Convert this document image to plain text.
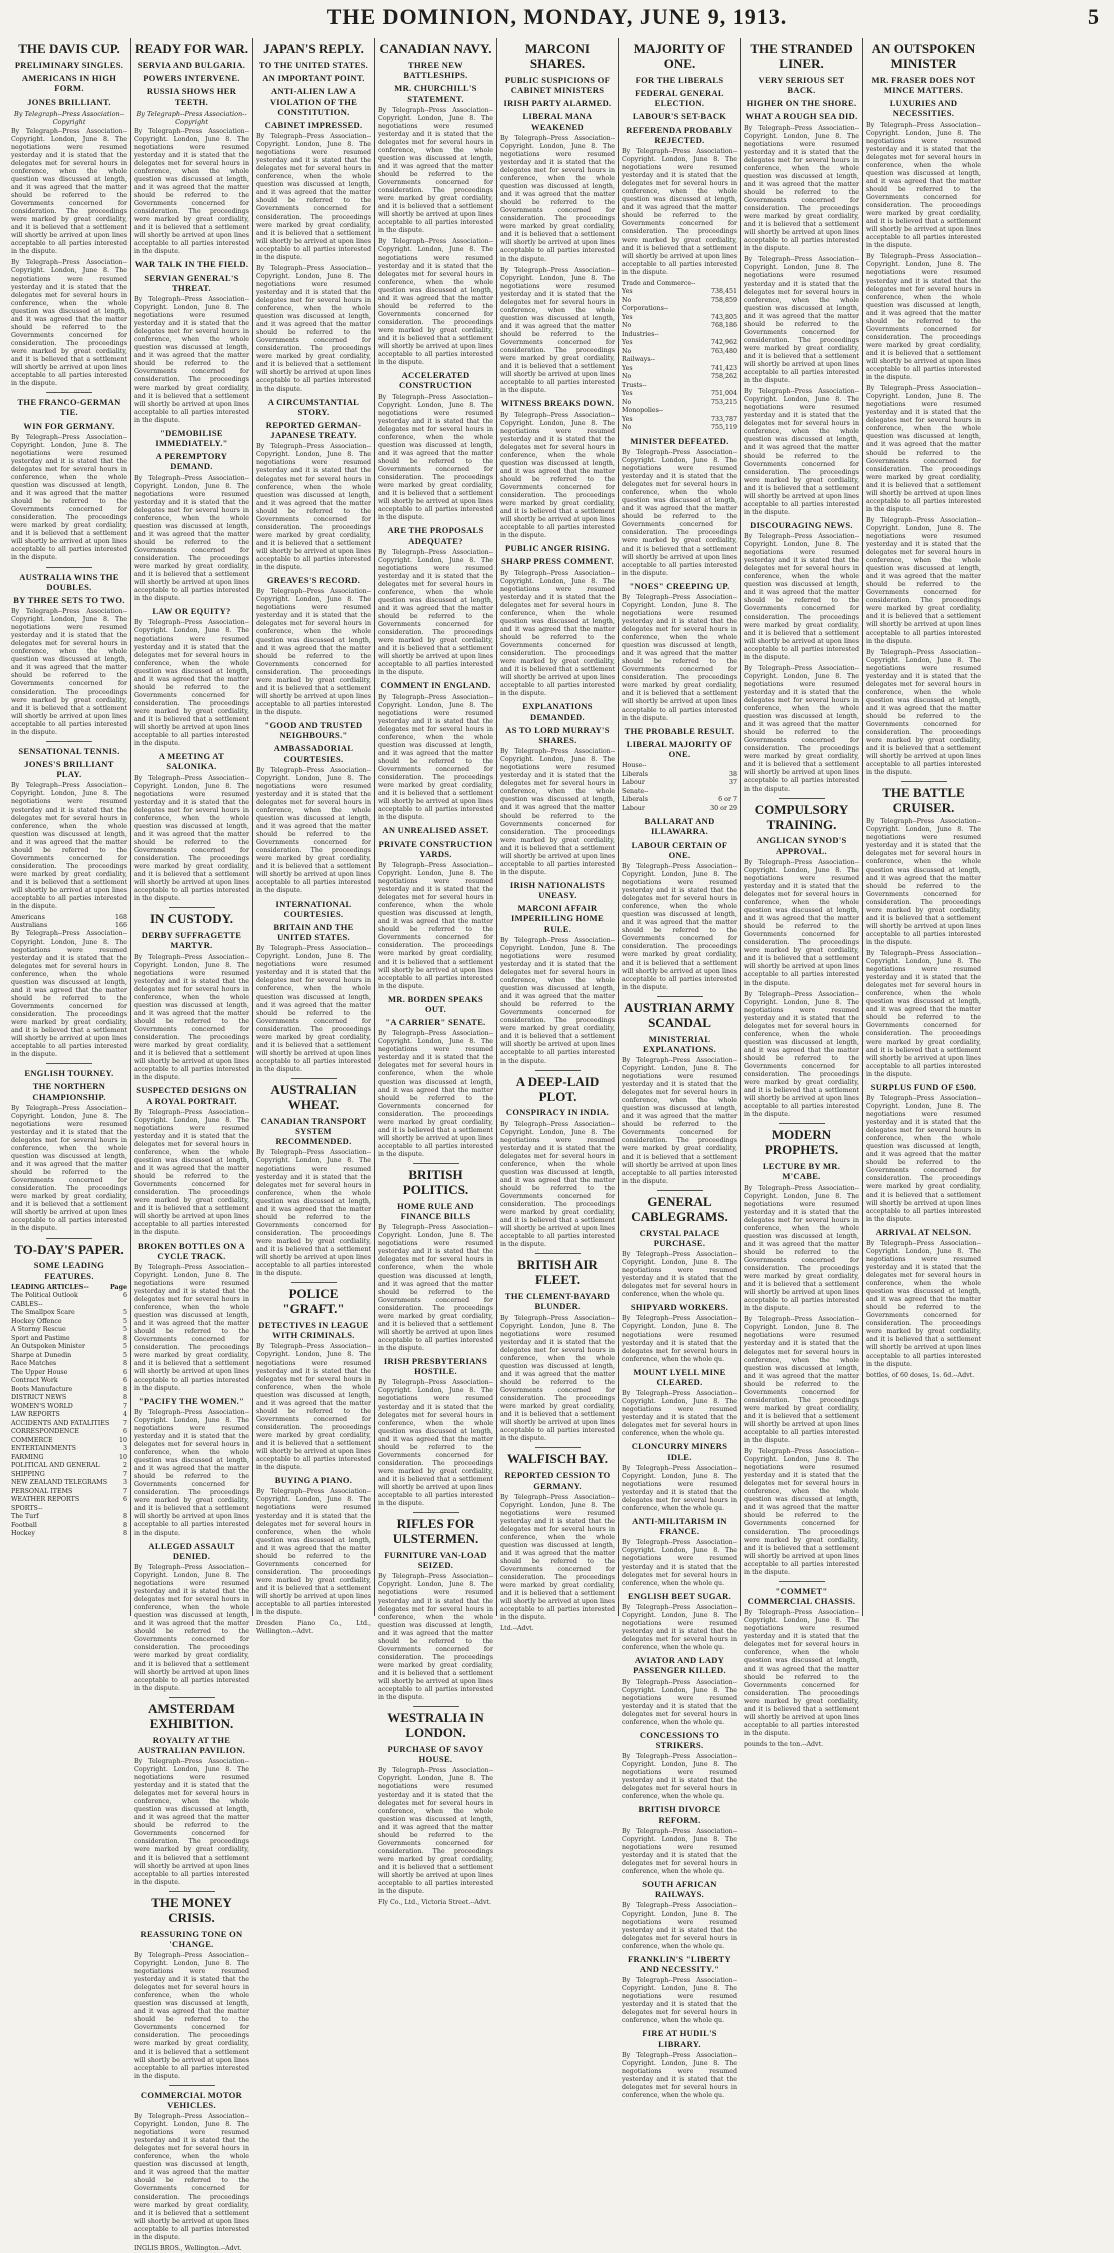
THE DOMINION, MONDAY, JUNE 9, 1913.	5
THE DAVIS CUP.
PRELIMINARY SINGLES.
AMERICANS IN HIGH FORM.
JONES BRILLIANT.
By Telegraph--Press Association--Copyright

By Telegraph--Press Association--Copyright. London, June 8. The negotiations were resumed yesterday and it is stated that the delegates met for several hours in conference, when the whole question was discussed at length, and it was agreed that the matter should be referred to the Governments concerned for consideration. The proceedings were marked by great cordiality, and it is believed that a settlement will shortly be arrived at upon lines acceptable to all parties interested in the dispute.

By Telegraph--Press Association--Copyright. London, June 8. The negotiations were resumed yesterday and it is stated that the delegates met for several hours in conference, when the whole question was discussed at length, and it was agreed that the matter should be referred to the Governments concerned for consideration. The proceedings were marked by great cordiality, and it is believed that a settlement will shortly be arrived at upon lines acceptable to all parties interested in the dispute.

THE FRANCO-GERMAN TIE.
WIN FOR GERMANY.

By Telegraph--Press Association--Copyright. London, June 8. The negotiations were resumed yesterday and it is stated that the delegates met for several hours in conference, when the whole question was discussed at length, and it was agreed that the matter should be referred to the Governments concerned for consideration. The proceedings were marked by great cordiality, and it is believed that a settlement will shortly be arrived at upon lines acceptable to all parties interested in the dispute.

AUSTRALIA WINS THE DOUBLES.
BY THREE SETS TO TWO.

By Telegraph--Press Association--Copyright. London, June 8. The negotiations were resumed yesterday and it is stated that the delegates met for several hours in conference, when the whole question was discussed at length, and it was agreed that the matter should be referred to the Governments concerned for consideration. The proceedings were marked by great cordiality, and it is believed that a settlement will shortly be arrived at upon lines acceptable to all parties interested in the dispute.

SENSATIONAL TENNIS.
JONES'S BRILLIANT PLAY.

By Telegraph--Press Association--Copyright. London, June 8. The negotiations were resumed yesterday and it is stated that the delegates met for several hours in conference, when the whole question was discussed at length, and it was agreed that the matter should be referred to the Governments concerned for consideration. The proceedings were marked by great cordiality, and it is believed that a settlement will shortly be arrived at upon lines acceptable to all parties interested in the dispute.

Americans	168
Australians	166

By Telegraph--Press Association--Copyright. London, June 8. The negotiations were resumed yesterday and it is stated that the delegates met for several hours in conference, when the whole question was discussed at length, and it was agreed that the matter should be referred to the Governments concerned for consideration. The proceedings were marked by great cordiality, and it is believed that a settlement will shortly be arrived at upon lines acceptable to all parties interested in the dispute.

ENGLISH TOURNEY.
THE NORTHERN CHAMPIONSHIP.

By Telegraph--Press Association--Copyright. London, June 8. The negotiations were resumed yesterday and it is stated that the delegates met for several hours in conference, when the whole question was discussed at length, and it was agreed that the matter should be referred to the Governments concerned for consideration. The proceedings were marked by great cordiality, and it is believed that a settlement will shortly be arrived at upon lines acceptable to all parties interested in the dispute.

TO-DAY'S PAPER.
SOME LEADING FEATURES.
LEADING ARTICLES--	Page
The Political Outlook	6
CABLES--
The Smallpox Scare	5
Hockey Offence	5
A Stormy Rescue	5
Sport and Pastime	8
An Outspoken Minister	5
Sharpe at Dunedin	5
Race Matches	8
The Upper House	6
Contract Work	6
Boots Manufacture	8
DISTRICT NEWS	8
WOMEN'S WORLD	7
LAW REPORTS	4
ACCIDENTS AND FATALITIES 7
CORRESPONDENCE	6
COMMERCE	10
ENTERTAINMENTS	3
FARMING	10
POLITICAL AND GENERAL	2
SHIPPING	7
NEW ZEALAND TELEGRAMS	3
PERSONAL ITEMS	7
WEATHER REPORTS	6
SPORTS--
The Turf	8
Football	8
Hockey	8
READY FOR WAR.
SERVIA AND BULGARIA.
POWERS INTERVENE.
RUSSIA SHOWS HER TEETH.
By Telegraph--Press Association--Copyright

By Telegraph--Press Association--Copyright. London, June 8. The negotiations were resumed yesterday and it is stated that the delegates met for several hours in conference, when the whole question was discussed at length, and it was agreed that the matter should be referred to the Governments concerned for consideration. The proceedings were marked by great cordiality, and it is believed that a settlement will shortly be arrived at upon lines acceptable to all parties interested in the dispute.

WAR TALK IN THE FIELD.
SERVIAN GENERAL'S THREAT.

By Telegraph--Press Association--Copyright. London, June 8. The negotiations were resumed yesterday and it is stated that the delegates met for several hours in conference, when the whole question was discussed at length, and it was agreed that the matter should be referred to the Governments concerned for consideration. The proceedings were marked by great cordiality, and it is believed that a settlement will shortly be arrived at upon lines acceptable to all parties interested in the dispute.

"DEMOBILISE IMMEDIATELY."
A PEREMPTORY DEMAND.

By Telegraph--Press Association--Copyright. London, June 8. The negotiations were resumed yesterday and it is stated that the delegates met for several hours in conference, when the whole question was discussed at length, and it was agreed that the matter should be referred to the Governments concerned for consideration. The proceedings were marked by great cordiality, and it is believed that a settlement will shortly be arrived at upon lines acceptable to all parties interested in the dispute.

LAW OR EQUITY?

By Telegraph--Press Association--Copyright. London, June 8. The negotiations were resumed yesterday and it is stated that the delegates met for several hours in conference, when the whole question was discussed at length, and it was agreed that the matter should be referred to the Governments concerned for consideration. The proceedings were marked by great cordiality, and it is believed that a settlement will shortly be arrived at upon lines acceptable to all parties interested in the dispute.

A MEETING AT SALONIKA.

By Telegraph--Press Association--Copyright. London, June 8. The negotiations were resumed yesterday and it is stated that the delegates met for several hours in conference, when the whole question was discussed at length, and it was agreed that the matter should be referred to the Governments concerned for consideration. The proceedings were marked by great cordiality, and it is believed that a settlement will shortly be arrived at upon lines acceptable to all parties interested in the dispute.

IN CUSTODY.
DERBY SUFFRAGETTE MARTYR.

By Telegraph--Press Association--Copyright. London, June 8. The negotiations were resumed yesterday and it is stated that the delegates met for several hours in conference, when the whole question was discussed at length, and it was agreed that the matter should be referred to the Governments concerned for consideration. The proceedings were marked by great cordiality, and it is believed that a settlement will shortly be arrived at upon lines acceptable to all parties interested in the dispute.

SUSPECTED DESIGNS ON A ROYAL PORTRAIT.

By Telegraph--Press Association--Copyright. London, June 8. The negotiations were resumed yesterday and it is stated that the delegates met for several hours in conference, when the whole question was discussed at length, and it was agreed that the matter should be referred to the Governments concerned for consideration. The proceedings were marked by great cordiality, and it is believed that a settlement will shortly be arrived at upon lines acceptable to all parties interested in the dispute.

BROKEN BOTTLES ON A CYCLE TRACK.

By Telegraph--Press Association--Copyright. London, June 8. The negotiations were resumed yesterday and it is stated that the delegates met for several hours in conference, when the whole question was discussed at length, and it was agreed that the matter should be referred to the Governments concerned for consideration. The proceedings were marked by great cordiality, and it is believed that a settlement will shortly be arrived at upon lines acceptable to all parties interested in the dispute.

"PACIFY THE WOMEN."

By Telegraph--Press Association--Copyright. London, June 8. The negotiations were resumed yesterday and it is stated that the delegates met for several hours in conference, when the whole question was discussed at length, and it was agreed that the matter should be referred to the Governments concerned for consideration. The proceedings were marked by great cordiality, and it is believed that a settlement will shortly be arrived at upon lines acceptable to all parties interested in the dispute.

ALLEGED ASSAULT DENIED.

By Telegraph--Press Association--Copyright. London, June 8. The negotiations were resumed yesterday and it is stated that the delegates met for several hours in conference, when the whole question was discussed at length, and it was agreed that the matter should be referred to the Governments concerned for consideration. The proceedings were marked by great cordiality, and it is believed that a settlement will shortly be arrived at upon lines acceptable to all parties interested in the dispute.

AMSTERDAM EXHIBITION.
ROYALTY AT THE AUSTRALIAN PAVILION.

By Telegraph--Press Association--Copyright. London, June 8. The negotiations were resumed yesterday and it is stated that the delegates met for several hours in conference, when the whole question was discussed at length, and it was agreed that the matter should be referred to the Governments concerned for consideration. The proceedings were marked by great cordiality, and it is believed that a settlement will shortly be arrived at upon lines acceptable to all parties interested in the dispute.

THE MONEY CRISIS.
REASSURING TONE ON 'CHANGE.

By Telegraph--Press Association--Copyright. London, June 8. The negotiations were resumed yesterday and it is stated that the delegates met for several hours in conference, when the whole question was discussed at length, and it was agreed that the matter should be referred to the Governments concerned for consideration. The proceedings were marked by great cordiality, and it is believed that a settlement will shortly be arrived at upon lines acceptable to all parties interested in the dispute.

COMMERCIAL MOTOR VEHICLES.

By Telegraph--Press Association--Copyright. London, June 8. The negotiations were resumed yesterday and it is stated that the delegates met for several hours in conference, when the whole question was discussed at length, and it was agreed that the matter should be referred to the Governments concerned for consideration. The proceedings were marked by great cordiality, and it is believed that a settlement will shortly be arrived at upon lines acceptable to all parties interested in the dispute.

INGLIS BROS., Wellington.--Advt.

JAPAN'S REPLY.
TO THE UNITED STATES.
AN IMPORTANT POINT.
ANTI-ALIEN LAW A VIOLATION OF THE CONSTITUTION.
CABINET IMPRESSED.

By Telegraph--Press Association--Copyright. London, June 8. The negotiations were resumed yesterday and it is stated that the delegates met for several hours in conference, when the whole question was discussed at length, and it was agreed that the matter should be referred to the Governments concerned for consideration. The proceedings were marked by great cordiality, and it is believed that a settlement will shortly be arrived at upon lines acceptable to all parties interested in the dispute.

By Telegraph--Press Association--Copyright. London, June 8. The negotiations were resumed yesterday and it is stated that the delegates met for several hours in conference, when the whole question was discussed at length, and it was agreed that the matter should be referred to the Governments concerned for consideration. The proceedings were marked by great cordiality, and it is believed that a settlement will shortly be arrived at upon lines acceptable to all parties interested in the dispute.

A CIRCUMSTANTIAL STORY.
REPORTED GERMAN-JAPANESE TREATY.

By Telegraph--Press Association--Copyright. London, June 8. The negotiations were resumed yesterday and it is stated that the delegates met for several hours in conference, when the whole question was discussed at length, and it was agreed that the matter should be referred to the Governments concerned for consideration. The proceedings were marked by great cordiality, and it is believed that a settlement will shortly be arrived at upon lines acceptable to all parties interested in the dispute.

GREAVES'S RECORD.

By Telegraph--Press Association--Copyright. London, June 8. The negotiations were resumed yesterday and it is stated that the delegates met for several hours in conference, when the whole question was discussed at length, and it was agreed that the matter should be referred to the Governments concerned for consideration. The proceedings were marked by great cordiality, and it is believed that a settlement will shortly be arrived at upon lines acceptable to all parties interested in the dispute.

"GOOD AND TRUSTED NEIGHBOURS."
AMBASSADORIAL COURTESIES.

By Telegraph--Press Association--Copyright. London, June 8. The negotiations were resumed yesterday and it is stated that the delegates met for several hours in conference, when the whole question was discussed at length, and it was agreed that the matter should be referred to the Governments concerned for consideration. The proceedings were marked by great cordiality, and it is believed that a settlement will shortly be arrived at upon lines acceptable to all parties interested in the dispute.

INTERNATIONAL COURTESIES.
BRITAIN AND THE UNITED STATES.

By Telegraph--Press Association--Copyright. London, June 8. The negotiations were resumed yesterday and it is stated that the delegates met for several hours in conference, when the whole question was discussed at length, and it was agreed that the matter should be referred to the Governments concerned for consideration. The proceedings were marked by great cordiality, and it is believed that a settlement will shortly be arrived at upon lines acceptable to all parties interested in the dispute.

AUSTRALIAN WHEAT.
CANADIAN TRANSPORT SYSTEM RECOMMENDED.

By Telegraph--Press Association--Copyright. London, June 8. The negotiations were resumed yesterday and it is stated that the delegates met for several hours in conference, when the whole question was discussed at length, and it was agreed that the matter should be referred to the Governments concerned for consideration. The proceedings were marked by great cordiality, and it is believed that a settlement will shortly be arrived at upon lines acceptable to all parties interested in the dispute.

POLICE "GRAFT."
DETECTIVES IN LEAGUE WITH CRIMINALS.

By Telegraph--Press Association--Copyright. London, June 8. The negotiations were resumed yesterday and it is stated that the delegates met for several hours in conference, when the whole question was discussed at length, and it was agreed that the matter should be referred to the Governments concerned for consideration. The proceedings were marked by great cordiality, and it is believed that a settlement will shortly be arrived at upon lines acceptable to all parties interested in the dispute.

BUYING A PIANO.

By Telegraph--Press Association--Copyright. London, June 8. The negotiations were resumed yesterday and it is stated that the delegates met for several hours in conference, when the whole question was discussed at length, and it was agreed that the matter should be referred to the Governments concerned for consideration. The proceedings were marked by great cordiality, and it is believed that a settlement will shortly be arrived at upon lines acceptable to all parties interested in the dispute.

Dresden Piano Co., Ltd., Wellington.--Advt.

CANADIAN NAVY.
THREE NEW BATTLESHIPS.
MR. CHURCHILL'S STATEMENT.

By Telegraph--Press Association--Copyright. London, June 8. The negotiations were resumed yesterday and it is stated that the delegates met for several hours in conference, when the whole question was discussed at length, and it was agreed that the matter should be referred to the Governments concerned for consideration. The proceedings were marked by great cordiality, and it is believed that a settlement will shortly be arrived at upon lines acceptable to all parties interested in the dispute.

By Telegraph--Press Association--Copyright. London, June 8. The negotiations were resumed yesterday and it is stated that the delegates met for several hours in conference, when the whole question was discussed at length, and it was agreed that the matter should be referred to the Governments concerned for consideration. The proceedings were marked by great cordiality, and it is believed that a settlement will shortly be arrived at upon lines acceptable to all parties interested in the dispute.

ACCELERATED CONSTRUCTION

By Telegraph--Press Association--Copyright. London, June 8. The negotiations were resumed yesterday and it is stated that the delegates met for several hours in conference, when the whole question was discussed at length, and it was agreed that the matter should be referred to the Governments concerned for consideration. The proceedings were marked by great cordiality, and it is believed that a settlement will shortly be arrived at upon lines acceptable to all parties interested in the dispute.

ARE THE PROPOSALS ADEQUATE?

By Telegraph--Press Association--Copyright. London, June 8. The negotiations were resumed yesterday and it is stated that the delegates met for several hours in conference, when the whole question was discussed at length, and it was agreed that the matter should be referred to the Governments concerned for consideration. The proceedings were marked by great cordiality, and it is believed that a settlement will shortly be arrived at upon lines acceptable to all parties interested in the dispute.

COMMENT IN ENGLAND.

By Telegraph--Press Association--Copyright. London, June 8. The negotiations were resumed yesterday and it is stated that the delegates met for several hours in conference, when the whole question was discussed at length, and it was agreed that the matter should be referred to the Governments concerned for consideration. The proceedings were marked by great cordiality, and it is believed that a settlement will shortly be arrived at upon lines acceptable to all parties interested in the dispute.

AN UNREALISED ASSET.
PRIVATE CONSTRUCTION YARDS.

By Telegraph--Press Association--Copyright. London, June 8. The negotiations were resumed yesterday and it is stated that the delegates met for several hours in conference, when the whole question was discussed at length, and it was agreed that the matter should be referred to the Governments concerned for consideration. The proceedings were marked by great cordiality, and it is believed that a settlement will shortly be arrived at upon lines acceptable to all parties interested in the dispute.

MR. BORDEN SPEAKS OUT.
"A CARRIER" SENATE.

By Telegraph--Press Association--Copyright. London, June 8. The negotiations were resumed yesterday and it is stated that the delegates met for several hours in conference, when the whole question was discussed at length, and it was agreed that the matter should be referred to the Governments concerned for consideration. The proceedings were marked by great cordiality, and it is believed that a settlement will shortly be arrived at upon lines acceptable to all parties interested in the dispute.

BRITISH POLITICS.
HOME RULE AND FINANCE BILLS

By Telegraph--Press Association--Copyright. London, June 8. The negotiations were resumed yesterday and it is stated that the delegates met for several hours in conference, when the whole question was discussed at length, and it was agreed that the matter should be referred to the Governments concerned for consideration. The proceedings were marked by great cordiality, and it is believed that a settlement will shortly be arrived at upon lines acceptable to all parties interested in the dispute.

IRISH PRESBYTERIANS HOSTILE.

By Telegraph--Press Association--Copyright. London, June 8. The negotiations were resumed yesterday and it is stated that the delegates met for several hours in conference, when the whole question was discussed at length, and it was agreed that the matter should be referred to the Governments concerned for consideration. The proceedings were marked by great cordiality, and it is believed that a settlement will shortly be arrived at upon lines acceptable to all parties interested in the dispute.

RIFLES FOR ULSTERMEN.
FURNITURE VAN-LOAD SEIZED.

By Telegraph--Press Association--Copyright. London, June 8. The negotiations were resumed yesterday and it is stated that the delegates met for several hours in conference, when the whole question was discussed at length, and it was agreed that the matter should be referred to the Governments concerned for consideration. The proceedings were marked by great cordiality, and it is believed that a settlement will shortly be arrived at upon lines acceptable to all parties interested in the dispute.

WESTRALIA IN LONDON.
PURCHASE OF SAVOY HOUSE.

By Telegraph--Press Association--Copyright. London, June 8. The negotiations were resumed yesterday and it is stated that the delegates met for several hours in conference, when the whole question was discussed at length, and it was agreed that the matter should be referred to the Governments concerned for consideration. The proceedings were marked by great cordiality, and it is believed that a settlement will shortly be arrived at upon lines acceptable to all parties interested in the dispute.

Fly Co., Ltd., Victoria Street.--Advt.

MARCONI SHARES.
PUBLIC SUSPICIONS OF CABINET MINISTERS
IRISH PARTY ALARMED.
LIBERAL MANA WEAKENED

By Telegraph--Press Association--Copyright. London, June 8. The negotiations were resumed yesterday and it is stated that the delegates met for several hours in conference, when the whole question was discussed at length, and it was agreed that the matter should be referred to the Governments concerned for consideration. The proceedings were marked by great cordiality, and it is believed that a settlement will shortly be arrived at upon lines acceptable to all parties interested in the dispute.

By Telegraph--Press Association--Copyright. London, June 8. The negotiations were resumed yesterday and it is stated that the delegates met for several hours in conference, when the whole question was discussed at length, and it was agreed that the matter should be referred to the Governments concerned for consideration. The proceedings were marked by great cordiality, and it is believed that a settlement will shortly be arrived at upon lines acceptable to all parties interested in the dispute.

WITNESS BREAKS DOWN.

By Telegraph--Press Association--Copyright. London, June 8. The negotiations were resumed yesterday and it is stated that the delegates met for several hours in conference, when the whole question was discussed at length, and it was agreed that the matter should be referred to the Governments concerned for consideration. The proceedings were marked by great cordiality, and it is believed that a settlement will shortly be arrived at upon lines acceptable to all parties interested in the dispute.

PUBLIC ANGER RISING.
SHARP PRESS COMMENT.

By Telegraph--Press Association--Copyright. London, June 8. The negotiations were resumed yesterday and it is stated that the delegates met for several hours in conference, when the whole question was discussed at length, and it was agreed that the matter should be referred to the Governments concerned for consideration. The proceedings were marked by great cordiality, and it is believed that a settlement will shortly be arrived at upon lines acceptable to all parties interested in the dispute.

EXPLANATIONS DEMANDED.
AS TO LORD MURRAY'S SHARES.

By Telegraph--Press Association--Copyright. London, June 8. The negotiations were resumed yesterday and it is stated that the delegates met for several hours in conference, when the whole question was discussed at length, and it was agreed that the matter should be referred to the Governments concerned for consideration. The proceedings were marked by great cordiality, and it is believed that a settlement will shortly be arrived at upon lines acceptable to all parties interested in the dispute.

IRISH NATIONALISTS UNEASY.
MARCONI AFFAIR IMPERILLING HOME RULE.

By Telegraph--Press Association--Copyright. London, June 8. The negotiations were resumed yesterday and it is stated that the delegates met for several hours in conference, when the whole question was discussed at length, and it was agreed that the matter should be referred to the Governments concerned for consideration. The proceedings were marked by great cordiality, and it is believed that a settlement will shortly be arrived at upon lines acceptable to all parties interested in the dispute.

A DEEP-LAID PLOT.
CONSPIRACY IN INDIA.

By Telegraph--Press Association--Copyright. London, June 8. The negotiations were resumed yesterday and it is stated that the delegates met for several hours in conference, when the whole question was discussed at length, and it was agreed that the matter should be referred to the Governments concerned for consideration. The proceedings were marked by great cordiality, and it is believed that a settlement will shortly be arrived at upon lines acceptable to all parties interested in the dispute.

BRITISH AIR FLEET.
THE CLEMENT-BAYARD BLUNDER.

By Telegraph--Press Association--Copyright. London, June 8. The negotiations were resumed yesterday and it is stated that the delegates met for several hours in conference, when the whole question was discussed at length, and it was agreed that the matter should be referred to the Governments concerned for consideration. The proceedings were marked by great cordiality, and it is believed that a settlement will shortly be arrived at upon lines acceptable to all parties interested in the dispute.

WALFISCH BAY.
REPORTED CESSION TO GERMANY.

By Telegraph--Press Association--Copyright. London, June 8. The negotiations were resumed yesterday and it is stated that the delegates met for several hours in conference, when the whole question was discussed at length, and it was agreed that the matter should be referred to the Governments concerned for consideration. The proceedings were marked by great cordiality, and it is believed that a settlement will shortly be arrived at upon lines acceptable to all parties interested in the dispute.

Ltd.--Advt.

MAJORITY OF ONE.
FOR THE LIBERALS
FEDERAL GENERAL ELECTION.
LABOUR'S SET-BACK
REFERENDA PROBABLY REJECTED.

By Telegraph--Press Association--Copyright. London, June 8. The negotiations were resumed yesterday and it is stated that the delegates met for several hours in conference, when the whole question was discussed at length, and it was agreed that the matter should be referred to the Governments concerned for consideration. The proceedings were marked by great cordiality, and it is believed that a settlement will shortly be arrived at upon lines acceptable to all parties interested in the dispute.

Trade and Commerce--
Yes	738,451
No	758,859
Corporations--
Yes	743,805
No	768,186
Industries--
Yes	742,962
No	763,480
Railways--
Yes	741,423
No	758,262
Trusts--
Yes	751,004
No	753,215
Monopolies--
Yes	733,787
No	755,119
MINISTER DEFEATED.

By Telegraph--Press Association--Copyright. London, June 8. The negotiations were resumed yesterday and it is stated that the delegates met for several hours in conference, when the whole question was discussed at length, and it was agreed that the matter should be referred to the Governments concerned for consideration. The proceedings were marked by great cordiality, and it is believed that a settlement will shortly be arrived at upon lines acceptable to all parties interested in the dispute.

"NOES" CREEPING UP.

By Telegraph--Press Association--Copyright. London, June 8. The negotiations were resumed yesterday and it is stated that the delegates met for several hours in conference, when the whole question was discussed at length, and it was agreed that the matter should be referred to the Governments concerned for consideration. The proceedings were marked by great cordiality, and it is believed that a settlement will shortly be arrived at upon lines acceptable to all parties interested in the dispute.

THE PROBABLE RESULT.
LIBERAL MAJORITY OF ONE.
House--
Liberals	38
Labour	37
Senate--
Liberals	6 or 7
Labour	30 or 29
BALLARAT AND ILLAWARRA.
LABOUR CERTAIN OF ONE.

By Telegraph--Press Association--Copyright. London, June 8. The negotiations were resumed yesterday and it is stated that the delegates met for several hours in conference, when the whole question was discussed at length, and it was agreed that the matter should be referred to the Governments concerned for consideration. The proceedings were marked by great cordiality, and it is believed that a settlement will shortly be arrived at upon lines acceptable to all parties interested in the dispute.

AUSTRIAN ARMY SCANDAL
MINISTERIAL EXPLANATIONS.

By Telegraph--Press Association--Copyright. London, June 8. The negotiations were resumed yesterday and it is stated that the delegates met for several hours in conference, when the whole question was discussed at length, and it was agreed that the matter should be referred to the Governments concerned for consideration. The proceedings were marked by great cordiality, and it is believed that a settlement will shortly be arrived at upon lines acceptable to all parties interested in the dispute.

GENERAL CABLEGRAMS.
CRYSTAL PALACE PURCHASE.

By Telegraph--Press Association--Copyright. London, June 8. The negotiations were resumed yesterday and it is stated that the delegates met for several hours in conference, when the whole qu.

SHIPYARD WORKERS.

By Telegraph--Press Association--Copyright. London, June 8. The negotiations were resumed yesterday and it is stated that the delegates met for several hours in conference, when the whole qu.

MOUNT LYELL MINE CLEARED.

By Telegraph--Press Association--Copyright. London, June 8. The negotiations were resumed yesterday and it is stated that the delegates met for several hours in conference, when the whole qu.

CLONCURRY MINERS IDLE.

By Telegraph--Press Association--Copyright. London, June 8. The negotiations were resumed yesterday and it is stated that the delegates met for several hours in conference, when the whole qu.

ANTI-MILITARISM IN FRANCE.

By Telegraph--Press Association--Copyright. London, June 8. The negotiations were resumed yesterday and it is stated that the delegates met for several hours in conference, when the whole qu.

ENGLISH BEET SUGAR.

By Telegraph--Press Association--Copyright. London, June 8. The negotiations were resumed yesterday and it is stated that the delegates met for several hours in conference, when the whole qu.

AVIATOR AND LADY PASSENGER KILLED.

By Telegraph--Press Association--Copyright. London, June 8. The negotiations were resumed yesterday and it is stated that the delegates met for several hours in conference, when the whole qu.

CONCESSIONS TO STRIKERS.

By Telegraph--Press Association--Copyright. London, June 8. The negotiations were resumed yesterday and it is stated that the delegates met for several hours in conference, when the whole qu.

BRITISH DIVORCE REFORM.

By Telegraph--Press Association--Copyright. London, June 8. The negotiations were resumed yesterday and it is stated that the delegates met for several hours in conference, when the whole qu.

SOUTH AFRICAN RAILWAYS.

By Telegraph--Press Association--Copyright. London, June 8. The negotiations were resumed yesterday and it is stated that the delegates met for several hours in conference, when the whole qu.

FRANKLIN'S "LIBERTY AND NECESSITY."

By Telegraph--Press Association--Copyright. London, June 8. The negotiations were resumed yesterday and it is stated that the delegates met for several hours in conference, when the whole qu.

FIRE AT HUDIL'S LIBRARY.

By Telegraph--Press Association--Copyright. London, June 8. The negotiations were resumed yesterday and it is stated that the delegates met for several hours in conference, when the whole qu.

THE STRANDED LINER.
VERY SERIOUS SET BACK.
HIGHER ON THE SHORE.
WHAT A ROUGH SEA DID.

By Telegraph--Press Association--Copyright. London, June 8. The negotiations were resumed yesterday and it is stated that the delegates met for several hours in conference, when the whole question was discussed at length, and it was agreed that the matter should be referred to the Governments concerned for consideration. The proceedings were marked by great cordiality, and it is believed that a settlement will shortly be arrived at upon lines acceptable to all parties interested in the dispute.

By Telegraph--Press Association--Copyright. London, June 8. The negotiations were resumed yesterday and it is stated that the delegates met for several hours in conference, when the whole question was discussed at length, and it was agreed that the matter should be referred to the Governments concerned for consideration. The proceedings were marked by great cordiality, and it is believed that a settlement will shortly be arrived at upon lines acceptable to all parties interested in the dispute.

By Telegraph--Press Association--Copyright. London, June 8. The negotiations were resumed yesterday and it is stated that the delegates met for several hours in conference, when the whole question was discussed at length, and it was agreed that the matter should be referred to the Governments concerned for consideration. The proceedings were marked by great cordiality, and it is believed that a settlement will shortly be arrived at upon lines acceptable to all parties interested in the dispute.

DISCOURAGING NEWS.

By Telegraph--Press Association--Copyright. London, June 8. The negotiations were resumed yesterday and it is stated that the delegates met for several hours in conference, when the whole question was discussed at length, and it was agreed that the matter should be referred to the Governments concerned for consideration. The proceedings were marked by great cordiality, and it is believed that a settlement will shortly be arrived at upon lines acceptable to all parties interested in the dispute.

By Telegraph--Press Association--Copyright. London, June 8. The negotiations were resumed yesterday and it is stated that the delegates met for several hours in conference, when the whole question was discussed at length, and it was agreed that the matter should be referred to the Governments concerned for consideration. The proceedings were marked by great cordiality, and it is believed that a settlement will shortly be arrived at upon lines acceptable to all parties interested in the dispute.

COMPULSORY TRAINING.
ANGLICAN SYNOD'S APPROVAL.

By Telegraph--Press Association--Copyright. London, June 8. The negotiations were resumed yesterday and it is stated that the delegates met for several hours in conference, when the whole question was discussed at length, and it was agreed that the matter should be referred to the Governments concerned for consideration. The proceedings were marked by great cordiality, and it is believed that a settlement will shortly be arrived at upon lines acceptable to all parties interested in the dispute.

By Telegraph--Press Association--Copyright. London, June 8. The negotiations were resumed yesterday and it is stated that the delegates met for several hours in conference, when the whole question was discussed at length, and it was agreed that the matter should be referred to the Governments concerned for consideration. The proceedings were marked by great cordiality, and it is believed that a settlement will shortly be arrived at upon lines acceptable to all parties interested in the dispute.

MODERN PROPHETS.
LECTURE BY MR. M'CABE.

By Telegraph--Press Association--Copyright. London, June 8. The negotiations were resumed yesterday and it is stated that the delegates met for several hours in conference, when the whole question was discussed at length, and it was agreed that the matter should be referred to the Governments concerned for consideration. The proceedings were marked by great cordiality, and it is believed that a settlement will shortly be arrived at upon lines acceptable to all parties interested in the dispute.

By Telegraph--Press Association--Copyright. London, June 8. The negotiations were resumed yesterday and it is stated that the delegates met for several hours in conference, when the whole question was discussed at length, and it was agreed that the matter should be referred to the Governments concerned for consideration. The proceedings were marked by great cordiality, and it is believed that a settlement will shortly be arrived at upon lines acceptable to all parties interested in the dispute.

By Telegraph--Press Association--Copyright. London, June 8. The negotiations were resumed yesterday and it is stated that the delegates met for several hours in conference, when the whole question was discussed at length, and it was agreed that the matter should be referred to the Governments concerned for consideration. The proceedings were marked by great cordiality, and it is believed that a settlement will shortly be arrived at upon lines acceptable to all parties interested in the dispute.

"COMMET" COMMERCIAL CHASSIS.

By Telegraph--Press Association--Copyright. London, June 8. The negotiations were resumed yesterday and it is stated that the delegates met for several hours in conference, when the whole question was discussed at length, and it was agreed that the matter should be referred to the Governments concerned for consideration. The proceedings were marked by great cordiality, and it is believed that a settlement will shortly be arrived at upon lines acceptable to all parties interested in the dispute.

pounds to the ton.--Advt.

AN OUTSPOKEN MINISTER
MR. FRASER DOES NOT MINCE MATTERS.
LUXURIES AND NECESSITIES.

By Telegraph--Press Association--Copyright. London, June 8. The negotiations were resumed yesterday and it is stated that the delegates met for several hours in conference, when the whole question was discussed at length, and it was agreed that the matter should be referred to the Governments concerned for consideration. The proceedings were marked by great cordiality, and it is believed that a settlement will shortly be arrived at upon lines acceptable to all parties interested in the dispute.

By Telegraph--Press Association--Copyright. London, June 8. The negotiations were resumed yesterday and it is stated that the delegates met for several hours in conference, when the whole question was discussed at length, and it was agreed that the matter should be referred to the Governments concerned for consideration. The proceedings were marked by great cordiality, and it is believed that a settlement will shortly be arrived at upon lines acceptable to all parties interested in the dispute.

By Telegraph--Press Association--Copyright. London, June 8. The negotiations were resumed yesterday and it is stated that the delegates met for several hours in conference, when the whole question was discussed at length, and it was agreed that the matter should be referred to the Governments concerned for consideration. The proceedings were marked by great cordiality, and it is believed that a settlement will shortly be arrived at upon lines acceptable to all parties interested in the dispute.

By Telegraph--Press Association--Copyright. London, June 8. The negotiations were resumed yesterday and it is stated that the delegates met for several hours in conference, when the whole question was discussed at length, and it was agreed that the matter should be referred to the Governments concerned for consideration. The proceedings were marked by great cordiality, and it is believed that a settlement will shortly be arrived at upon lines acceptable to all parties interested in the dispute.

By Telegraph--Press Association--Copyright. London, June 8. The negotiations were resumed yesterday and it is stated that the delegates met for several hours in conference, when the whole question was discussed at length, and it was agreed that the matter should be referred to the Governments concerned for consideration. The proceedings were marked by great cordiality, and it is believed that a settlement will shortly be arrived at upon lines acceptable to all parties interested in the dispute.

THE BATTLE CRUISER.

By Telegraph--Press Association--Copyright. London, June 8. The negotiations were resumed yesterday and it is stated that the delegates met for several hours in conference, when the whole question was discussed at length, and it was agreed that the matter should be referred to the Governments concerned for consideration. The proceedings were marked by great cordiality, and it is believed that a settlement will shortly be arrived at upon lines acceptable to all parties interested in the dispute.

By Telegraph--Press Association--Copyright. London, June 8. The negotiations were resumed yesterday and it is stated that the delegates met for several hours in conference, when the whole question was discussed at length, and it was agreed that the matter should be referred to the Governments concerned for consideration. The proceedings were marked by great cordiality, and it is believed that a settlement will shortly be arrived at upon lines acceptable to all parties interested in the dispute.

SURPLUS FUND OF £500.

By Telegraph--Press Association--Copyright. London, June 8. The negotiations were resumed yesterday and it is stated that the delegates met for several hours in conference, when the whole question was discussed at length, and it was agreed that the matter should be referred to the Governments concerned for consideration. The proceedings were marked by great cordiality, and it is believed that a settlement will shortly be arrived at upon lines acceptable to all parties interested in the dispute.

ARRIVAL AT NELSON.

By Telegraph--Press Association--Copyright. London, June 8. The negotiations were resumed yesterday and it is stated that the delegates met for several hours in conference, when the whole question was discussed at length, and it was agreed that the matter should be referred to the Governments concerned for consideration. The proceedings were marked by great cordiality, and it is believed that a settlement will shortly be arrived at upon lines acceptable to all parties interested in the dispute.

bottles, of 60 doses, 1s. 6d.--Advt.
